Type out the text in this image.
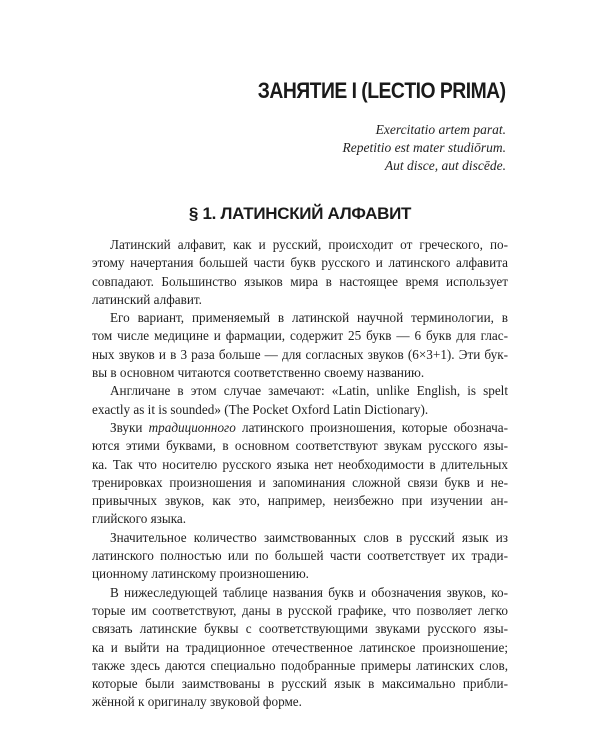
ЗАНЯТИЕ I (LECTIO PRIMA)
Exercitatio artem parat.
Repetitio est mater studiōrum.
Aut disce, aut discēde.
§ 1. ЛАТИНСКИЙ АЛФАВИТ

Латинский алфавит, как и русский, происходит от греческого, по-
этому начертания большей части букв русского и латинского алфавита
совпадают. Большинство языков мира в настоящее время использует
латинский алфавит.

Его вариант, применяемый в латинской научной терминологии, в
том числе медицине и фармации, содержит 25 букв — 6 букв для глас-
ных звуков и в 3 раза больше — для согласных звуков (6×3+1). Эти бук-
вы в основном читаются соответственно своему названию.

Англичане в этом случае замечают: «Latin, unlike English, is spelt
exactly as it is sounded» (The Pocket Oxford Latin Dictionary).

Звуки традиционного латинского произношения, которые обознача-
ются этими буквами, в основном соответствуют звукам русского язы-
ка. Так что носителю русского языка нет необходимости в длительных
тренировках произношения и запоминания сложной связи букв и не-
привычных звуков, как это, например, неизбежно при изучении ан-
глийского языка.

Значительное количество заимствованных слов в русский язык из
латинского полностью или по большей части соответствует их тради-
ционному латинскому произношению.

В нижеследующей таблице названия букв и обозначения звуков, ко-
торые им соответствуют, даны в русской графике, что позволяет легко
связать латинские буквы с соответствующими звуками русского язы-
ка и выйти на традиционное отечественное латинское произношение;
также здесь даются специально подобранные примеры латинских слов,
которые были заимствованы в русский язык в максимально прибли-
жённой к оригиналу звуковой форме.
